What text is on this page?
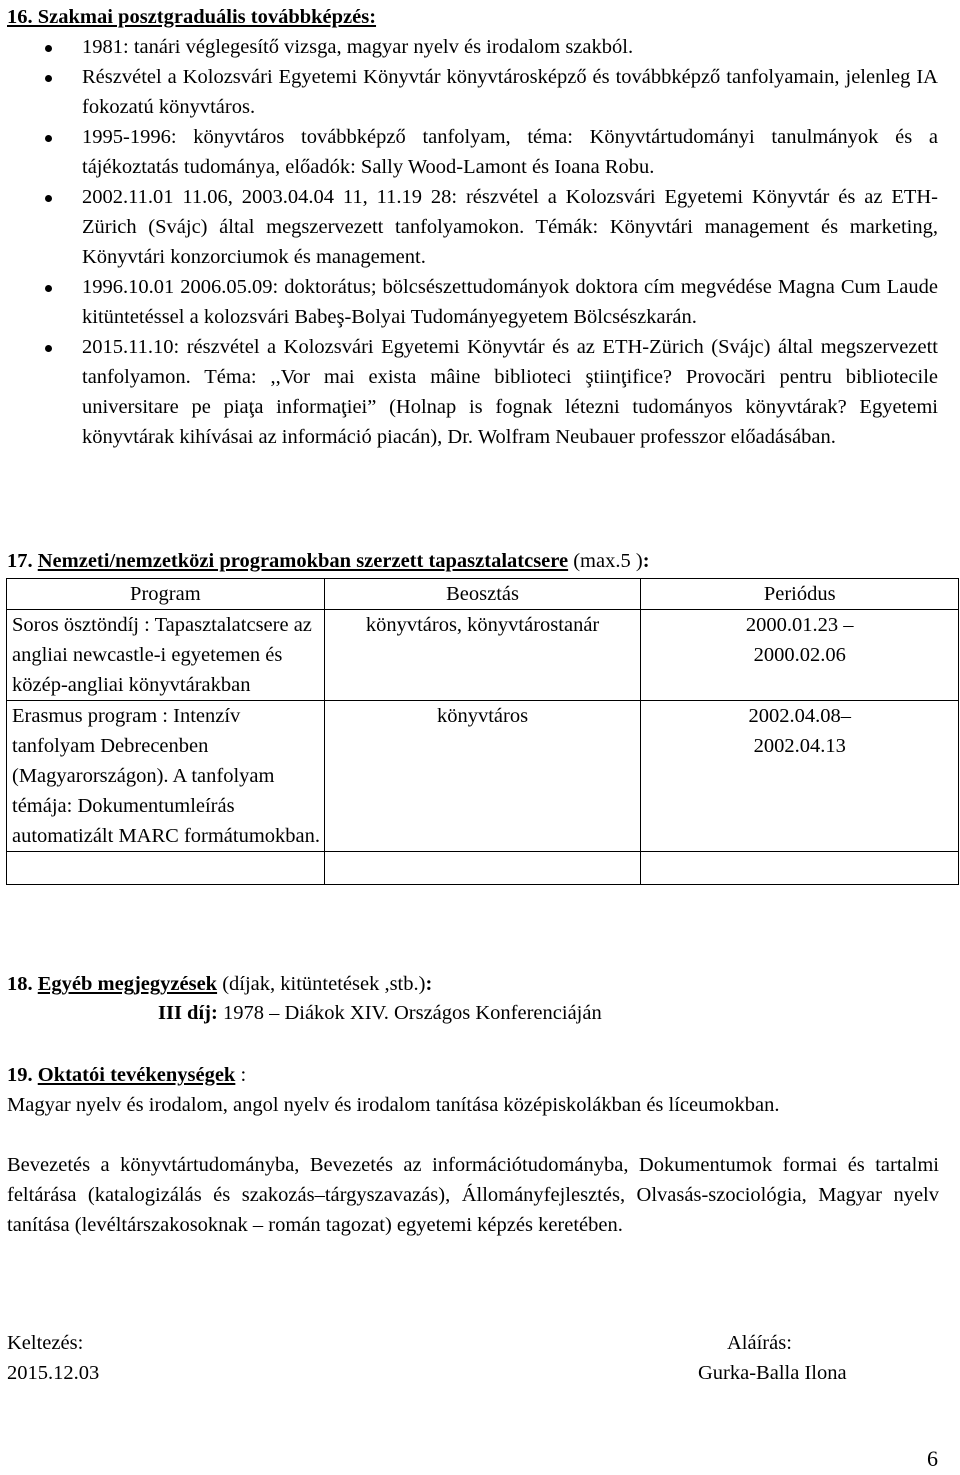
16. Szakmai posztgraduális továbbképzés:
1981: tanári véglegesítő vizsga, magyar nyelv és irodalom szakból.
Részvétel a Kolozsvári Egyetemi Könyvtár könyvtárosképző és továbbképző tanfolyamain, jelenleg IA fokozatú könyvtáros.
1995-1996: könyvtáros továbbképző tanfolyam, téma: Könyvtártudományi tanulmányok és a tájékoztatás tudománya, előadók: Sally Wood-Lamont és Ioana Robu.
2002.11.01 11.06, 2003.04.04 11, 11.19 28: részvétel a Kolozsvári Egyetemi Könyvtár és az ETH-Zürich (Svájc) által megszervezett tanfolyamokon. Témák: Könyvtári management és marketing, Könyvtári konzorciumok és management.
1996.10.01 2006.05.09: doktorátus; bölcsészettudományok doktora cím megvédése Magna Cum Laude kitüntetéssel a kolozsvári Babeş-Bolyai Tudományegyetem Bölcsészkarán.
2015.11.10: részvétel a Kolozsvári Egyetemi Könyvtár és az ETH-Zürich (Svájc) által megszervezett tanfolyamon. Téma: ,,Vor mai exista mâine biblioteci ştiinţifice? Provocări pentru bibliotecile universitare pe piaţa informaţiei” (Holnap is fognak létezni tudományos könyvtárak? Egyetemi könyvtárak kihívásai az információ piacán), Dr. Wolfram Neubauer professzor előadásában.
17. Nemzeti/nemzetközi programokban szerzett tapasztalatcsere (max.5 ):
Program	Beosztás	Periódus
Soros ösztöndíj : Tapasztalatcsere az angliai newcastle-i egyetemen és közép-angliai könyvtárakban	könyvtáros, könyvtárostanár	2000.01.23 –
2000.02.06

Erasmus program : Intenzív tanfolyam Debrecenben (Magyarországon). A tanfolyam témája: Dokumentumleírás automatizált MARC formátumokban.	könyvtáros	2002.04.08–
2002.04.13

18. Egyéb megjegyzések (díjak, kitüntetések ,stb.):
III díj: 1978 – Diákok XIV. Országos Konferenciáján
19. Oktatói tevékenységek :
Magyar nyelv és irodalom, angol nyelv és irodalom tanítása középiskolákban és líceumokban.
Bevezetés a könyvtártudományba, Bevezetés az információtudományba, Dokumentumok formai és tartalmi feltárása (katalogizálás és szakozás–tárgyszavazás), Állományfejlesztés, Olvasás-szociológia, Magyar nyelv tanítása (levéltárszakosoknak – román tagozat) egyetemi képzés keretében.
Keltezés:
2015.12.03
Aláírás:
Gurka-Balla Ilona
6
